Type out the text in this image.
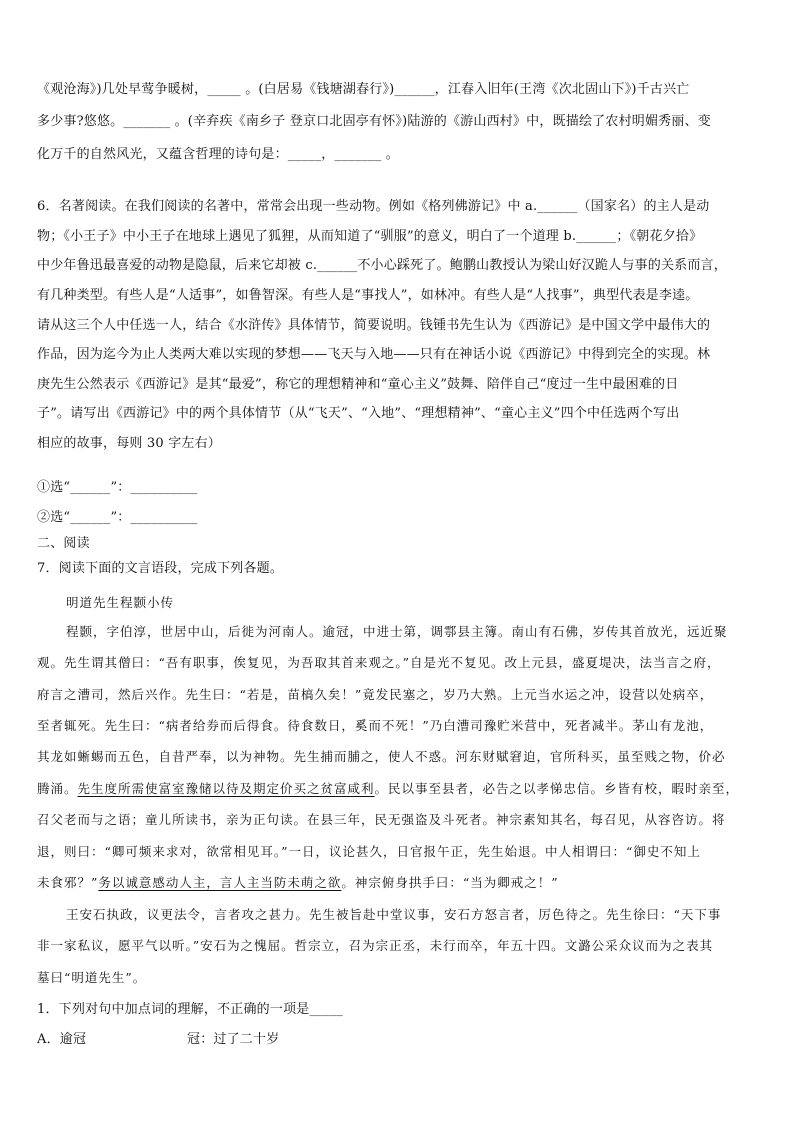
《观沧海》)几处早莺争暖树，_____ 。(白居易《钱塘湖春行》)______，江春入旧年(王湾《次北固山下》)千古兴亡
多少事?悠悠。_______ 。(辛弃疾《南乡子 登京口北固亭有怀》)陆游的《游山西村》中，既描绘了农村明媚秀丽、变
化万千的自然风光，又蕴含哲理的诗句是：_____，_______ 。
6．名著阅读。在我们阅读的名著中，常常会出现一些动物。例如《格列佛游记》中 a.______（国家名）的主人是动
物；《小王子》中小王子在地球上遇见了狐狸，从而知道了“驯服”的意义，明白了一个道理 b.______；《朝花夕拾》
中少年鲁迅最喜爱的动物是隐鼠，后来它却被 c.______不小心踩死了。鲍鹏山教授认为梁山好汉跪人与事的关系而言，
有几种类型。有些人是“人适事”，如鲁智深。有些人是“事找人”，如林冲。有些人是“人找事”，典型代表是李逵。
请从这三个人中任选一人，结合《水浒传》具体情节，简要说明。钱锺书先生认为《西游记》是中国文学中最伟大的
作品，因为迄今为止人类两大难以实现的梦想——飞天与入地——只有在神话小说《西游记》中得到完全的实现。林
庚先生公然表示《西游记》是其“最爱”，称它的理想精神和“童心主义”鼓舞、陪伴自己“度过一生中最困难的日
子”。请写出《西游记》中的两个具体情节（从“飞天”、“入地”、“理想精神”、“童心主义”四个中任选两个写出
相应的故事，每则 30 字左右）
①选“______”：__________
②选“______”：__________
二、阅读
7．阅读下面的文言语段，完成下列各题。
明道先生程颢小传
程颢，字伯淳，世居中山，后徙为河南人。逾冠，中进士第，调鄠县主簿。南山有石佛，岁传其首放光，远近聚
观。先生谓其僧曰：“吾有职事，俟复见，为吾取其首来观之。”自是光不复见。改上元县，盛夏堤决，法当言之府，
府言之漕司，然后兴作。先生曰：“若是，苗槁久矣！”竟发民塞之，岁乃大熟。上元当水运之冲，设营以处病卒，
至者辄死。先生曰：“病者给券而后得食。待食数日，奚而不死！”乃白漕司豫贮米营中，死者减半。茅山有龙池，
其龙如蜥蜴而五色，自昔严奉，以为神物。先生捕而脯之，使人不惑。河东财赋窘迫，官所科买，虽至贱之物，价必
腾涌。先生度所需使富室豫储以待及期定价买之贫富咸利。民以事至县者，必告之以孝悌忠信。乡皆有校，暇时亲至，
召父老而与之语；童儿所读书，亲为正句读。在县三年，民无强盗及斗死者。神宗素知其名，每召见，从容咨访。将
退，则曰：“卿可频来求对，欲常相见耳。”一日，议论甚久，日官报午正，先生始退。中人相谓曰：“御史不知上
未食邪？”务以诚意感动人主，言人主当防未萌之欲。神宗俯身拱手曰：“当为卿戒之！”
王安石执政，议更法令，言者攻之甚力。先生被旨赴中堂议事，安石方怒言者，厉色待之。先生徐曰：“天下事
非一家私议，愿平气以听。”安石为之愧屈。哲宗立，召为宗正丞，未行而卒，年五十四。文潞公采众议而为之表其
墓曰“明道先生”。
1．下列对句中加点词的理解，不正确的一项是_____
A．逾冠	冠：过了二十岁
